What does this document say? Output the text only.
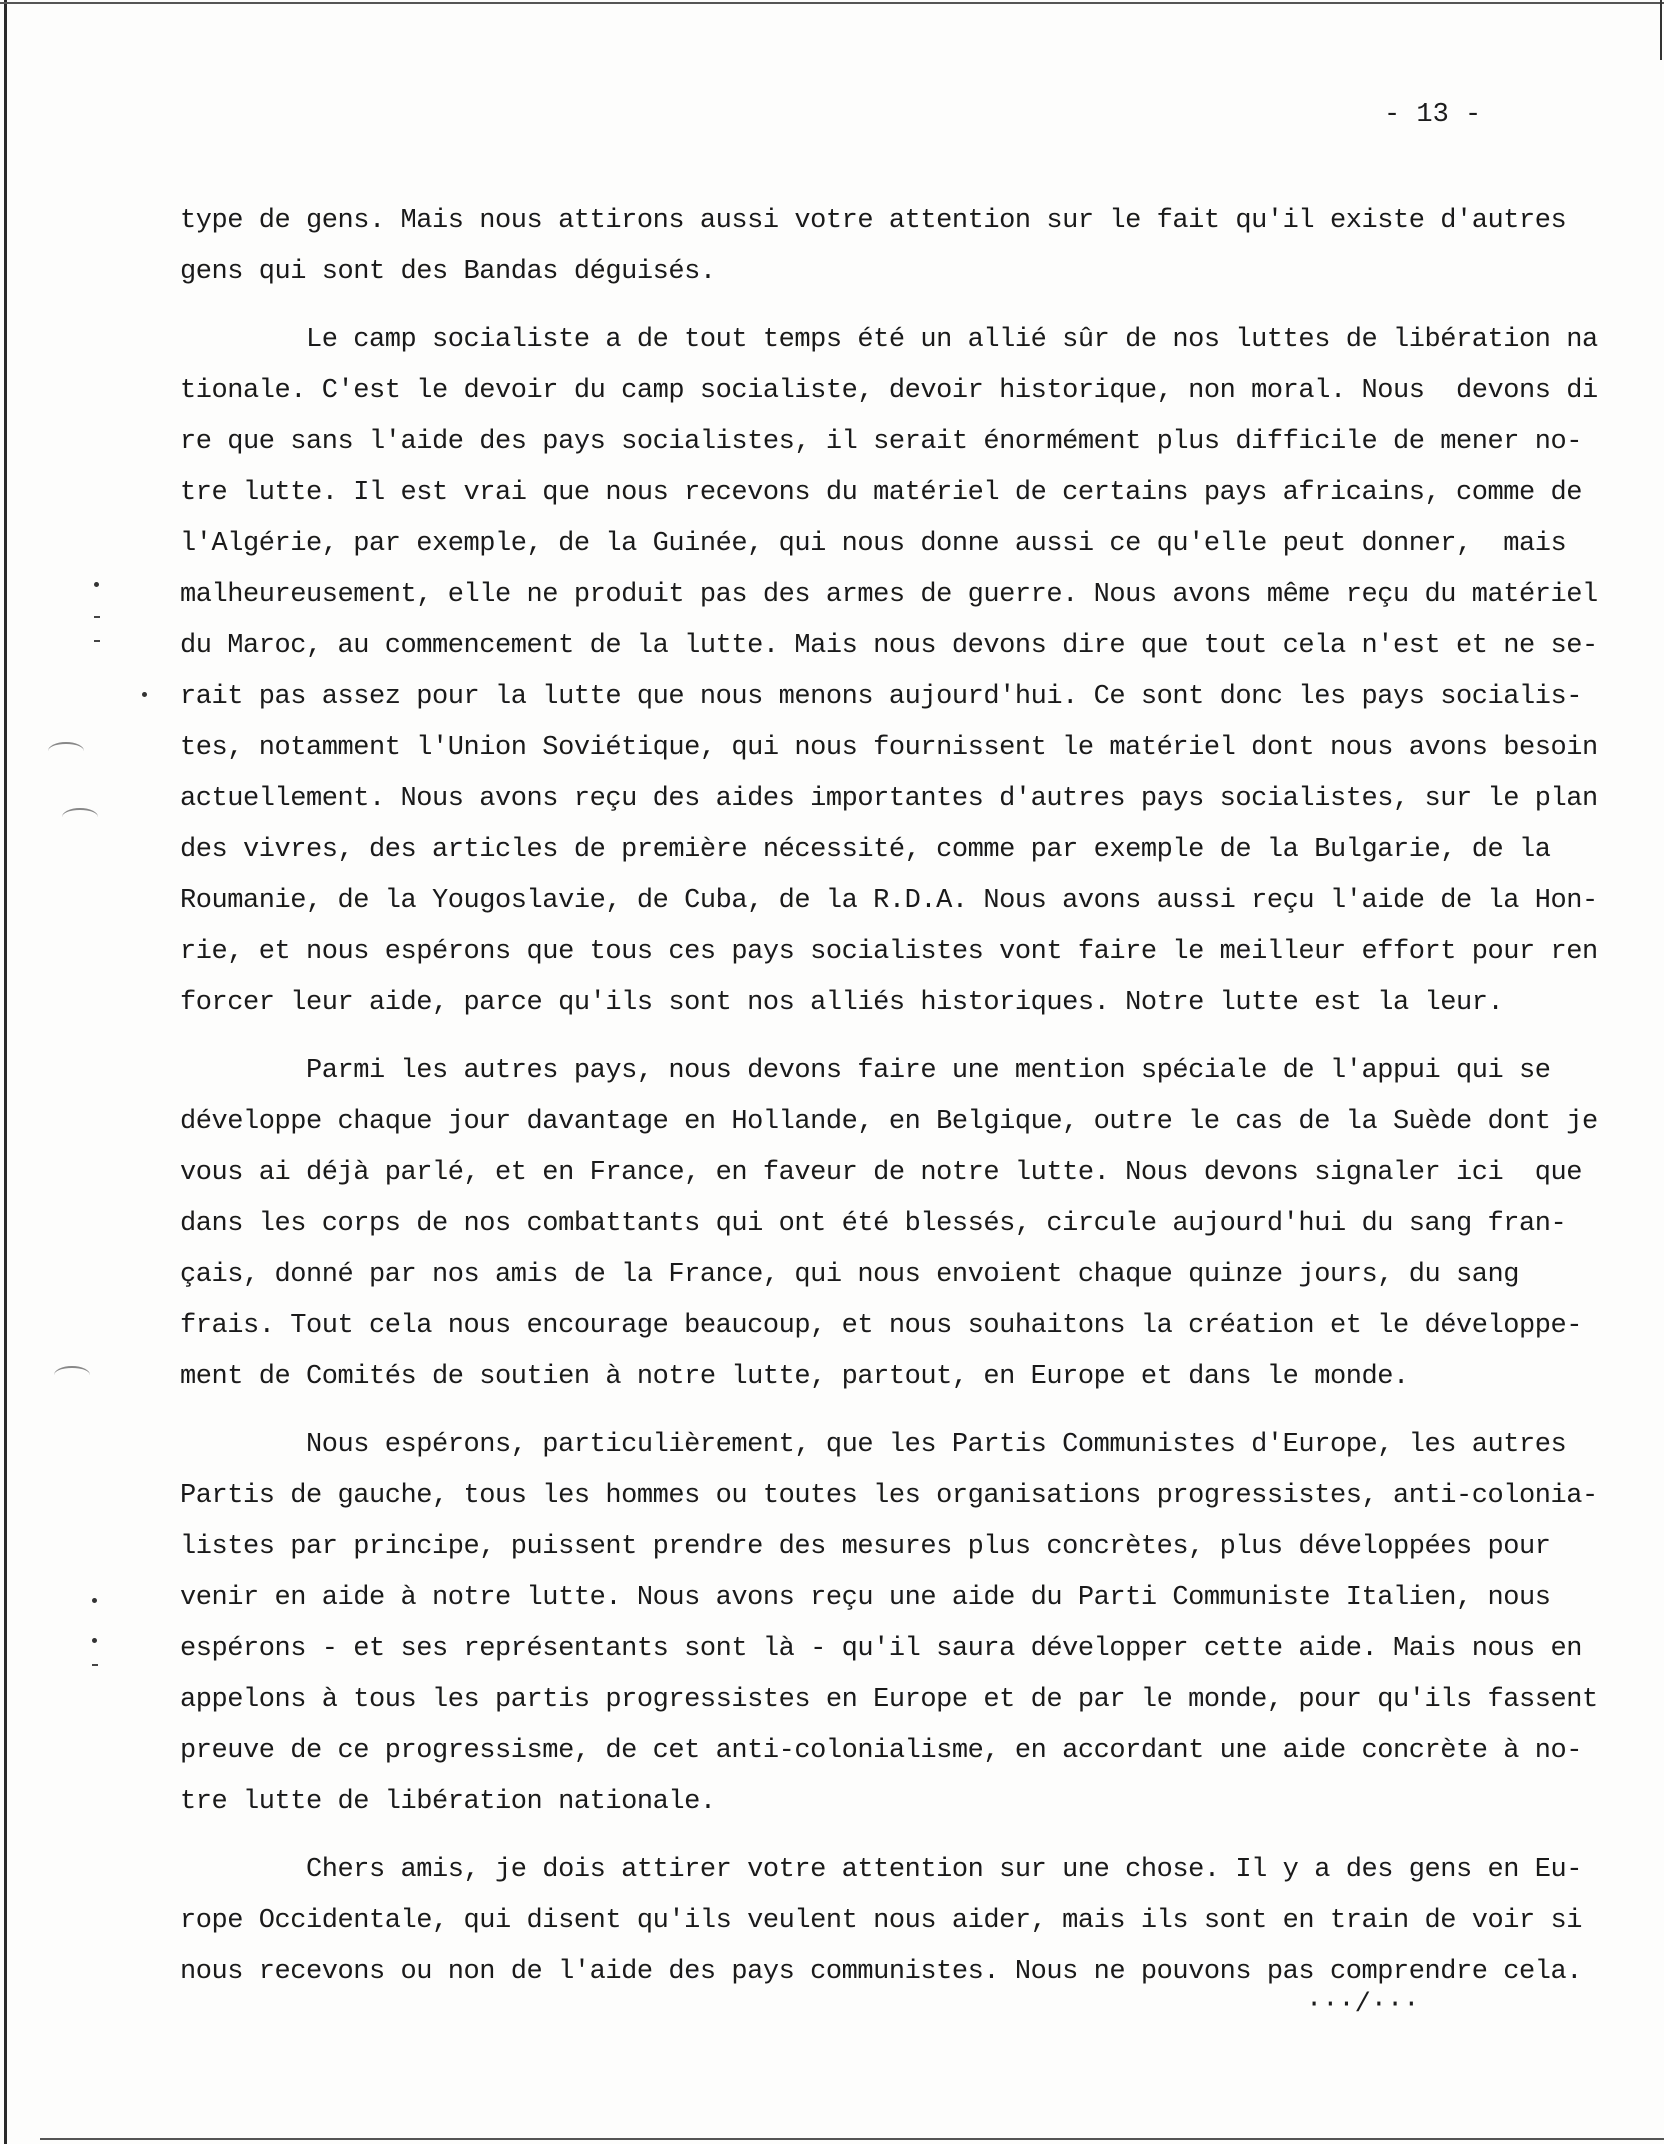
- 13 -
type de gens. Mais nous attirons aussi votre attention sur le fait qu'il existe d'autres
gens qui sont des Bandas déguisés.
Le camp socialiste a de tout temps été un allié sûr de nos luttes de libération na
tionale. C'est le devoir du camp socialiste, devoir historique, non moral. Nous  devons di
re que sans l'aide des pays socialistes, il serait énormément plus difficile de mener no-
tre lutte. Il est vrai que nous recevons du matériel de certains pays africains, comme de
l'Algérie, par exemple, de la Guinée, qui nous donne aussi ce qu'elle peut donner,  mais
malheureusement, elle ne produit pas des armes de guerre. Nous avons même reçu du matériel
du Maroc, au commencement de la lutte. Mais nous devons dire que tout cela n'est et ne se-
rait pas assez pour la lutte que nous menons aujourd'hui. Ce sont donc les pays socialis-
tes, notamment l'Union Soviétique, qui nous fournissent le matériel dont nous avons besoin
actuellement. Nous avons reçu des aides importantes d'autres pays socialistes, sur le plan
des vivres, des articles de première nécessité, comme par exemple de la Bulgarie, de la
Roumanie, de la Yougoslavie, de Cuba, de la R.D.A. Nous avons aussi reçu l'aide de la Hon-
rie, et nous espérons que tous ces pays socialistes vont faire le meilleur effort pour ren
forcer leur aide, parce qu'ils sont nos alliés historiques. Notre lutte est la leur.
Parmi les autres pays, nous devons faire une mention spéciale de l'appui qui se
développe chaque jour davantage en Hollande, en Belgique, outre le cas de la Suède dont je
vous ai déjà parlé, et en France, en faveur de notre lutte. Nous devons signaler ici  que
dans les corps de nos combattants qui ont été blessés, circule aujourd'hui du sang fran-
çais, donné par nos amis de la France, qui nous envoient chaque quinze jours, du sang
frais. Tout cela nous encourage beaucoup, et nous souhaitons la création et le développe-
ment de Comités de soutien à notre lutte, partout, en Europe et dans le monde.
Nous espérons, particulièrement, que les Partis Communistes d'Europe, les autres
Partis de gauche, tous les hommes ou toutes les organisations progressistes, anti-colonia-
listes par principe, puissent prendre des mesures plus concrètes, plus développées pour
venir en aide à notre lutte. Nous avons reçu une aide du Parti Communiste Italien, nous
espérons - et ses représentants sont là - qu'il saura développer cette aide. Mais nous en
appelons à tous les partis progressistes en Europe et de par le monde, pour qu'ils fassent
preuve de ce progressisme, de cet anti-colonialisme, en accordant une aide concrète à no-
tre lutte de libération nationale.
Chers amis, je dois attirer votre attention sur une chose. Il y a des gens en Eu-
rope Occidentale, qui disent qu'ils veulent nous aider, mais ils sont en train de voir si
nous recevons ou non de l'aide des pays communistes. Nous ne pouvons pas comprendre cela.
···/···
